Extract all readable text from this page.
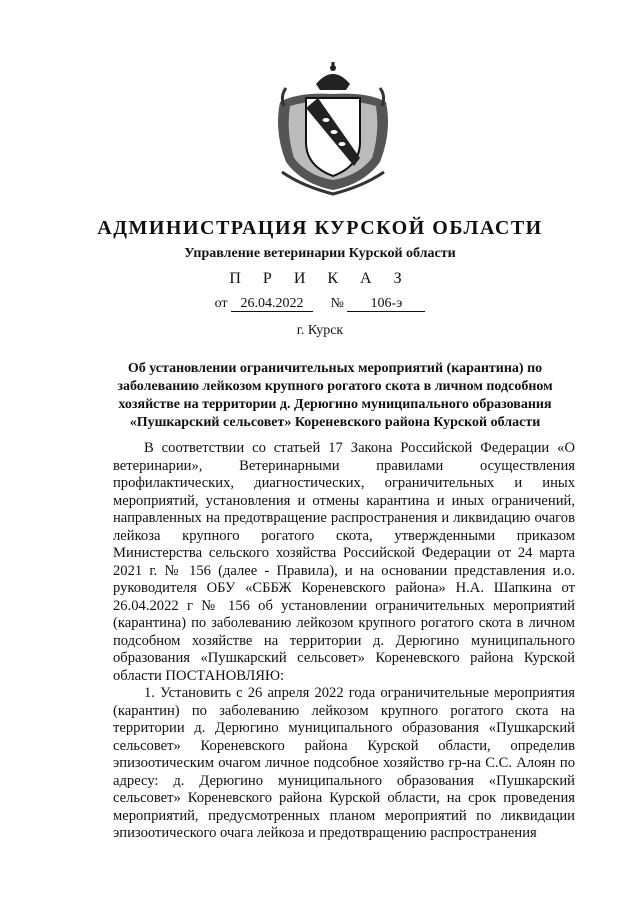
АДМИНИСТРАЦИЯ КУРСКОЙ ОБЛАСТИ
Управление ветеринарии Курской области
П Р И К А З
от 26.04.2022 № 106-э
г. Курск
Об установлении ограничительных мероприятий (карантина) по заболеванию лейкозом крупного рогатого скота в личном подсобном хозяйстве на территории д. Дерюгино муниципального образования «Пушкарский сельсовет» Кореневского района Курской области

В соответствии со статьей 17 Закона Российской Федерации «О ветеринарии», Ветеринарными правилами осуществления профилактических, диагностических, ограничительных и иных мероприятий, установления и отмены карантина и иных ограничений, направленных на предотвращение распространения и ликвидацию очагов лейкоза крупного рогатого скота, утвержденными приказом Министерства сельского хозяйства Российской Федерации от 24 марта 2021 г. № 156 (далее - Правила), и на основании представления и.о. руководителя ОБУ «СББЖ Кореневского района» Н.А. Шапкина от 26.04.2022 г № 156 об установлении ограничительных мероприятий (карантина) по заболеванию лейкозом крупного рогатого скота в личном подсобном хозяйстве на территории д. Дерюгино муниципального образования «Пушкарский сельсовет» Кореневского района Курской области ПОСТАНОВЛЯЮ:

1. Установить с 26 апреля 2022 года ограничительные мероприятия (карантин) по заболеванию лейкозом крупного рогатого скота на территории д. Дерюгино муниципального образования «Пушкарский сельсовет» Кореневского района Курской области, определив эпизоотическим очагом личное подсобное хозяйство гр-на С.С. Алоян по адресу: д. Дерюгино муниципального образования «Пушкарский сельсовет» Кореневского района Курской области, на срок проведения мероприятий, предусмотренных планом мероприятий по ликвидации эпизоотического очага лейкоза и предотвращению распространения
